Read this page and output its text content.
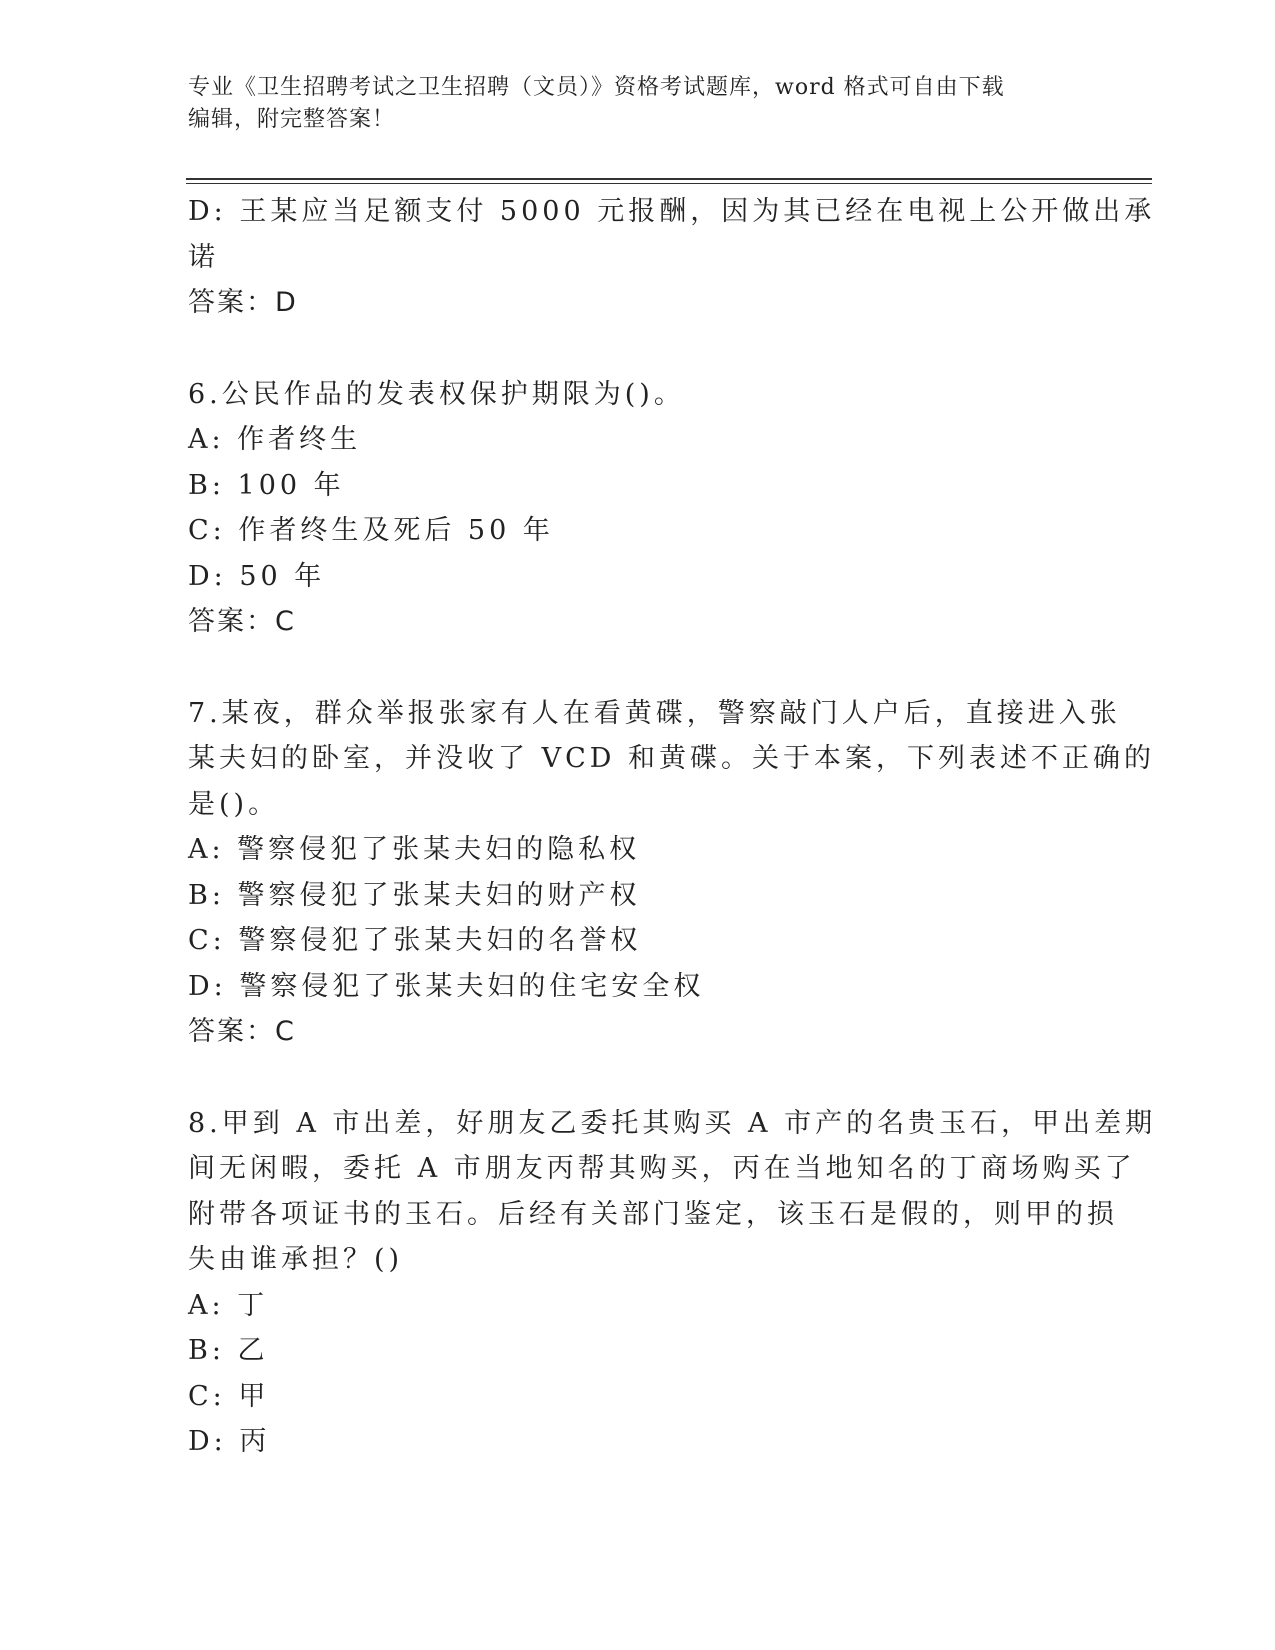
专业《卫生招聘考试之卫生招聘（文员）》资格考试题库，word 格式可自由下载
编辑，附完整答案！
D: 王某应当足额支付 5000 元报酬，因为其已经在电视上公开做出承
诺
答案：D
6.公民作品的发表权保护期限为()。
A: 作者终生
B: 100 年
C: 作者终生及死后 50 年
D: 50 年
答案：C
7.某夜，群众举报张家有人在看黄碟，警察敲门人户后，直接进入张
某夫妇的卧室，并没收了 VCD 和黄碟。关于本案，下列表述不正确的
是()。
A: 警察侵犯了张某夫妇的隐私权
B: 警察侵犯了张某夫妇的财产权
C: 警察侵犯了张某夫妇的名誉权
D: 警察侵犯了张某夫妇的住宅安全权
答案：C
8.甲到 A 市出差，好朋友乙委托其购买 A 市产的名贵玉石，甲出差期
间无闲暇，委托 A 市朋友丙帮其购买，丙在当地知名的丁商场购买了
附带各项证书的玉石。后经有关部门鉴定，该玉石是假的，则甲的损
失由谁承担？()
A: 丁
B: 乙
C: 甲
D: 丙
